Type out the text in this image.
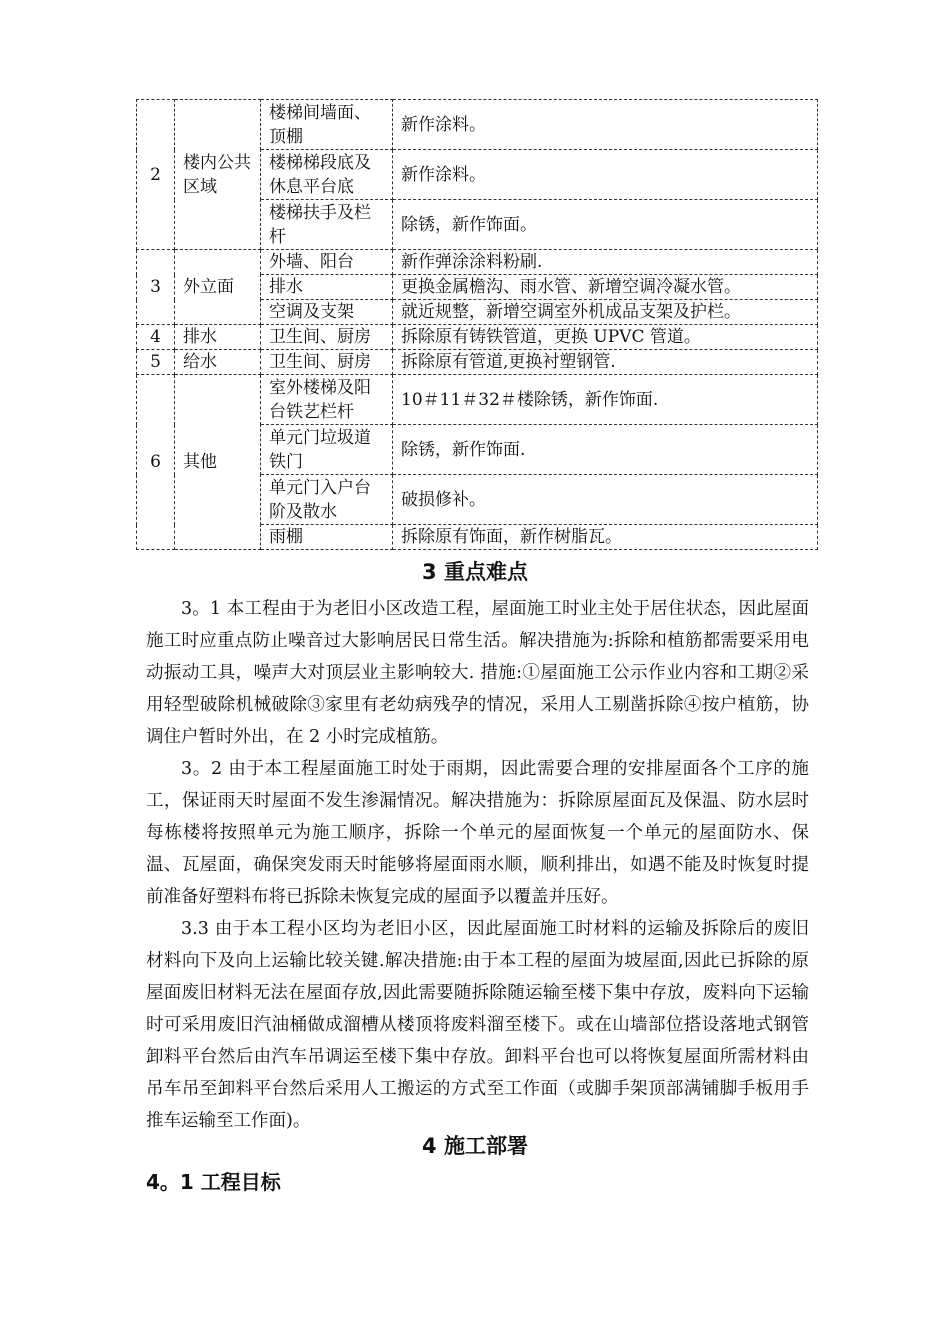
2	楼内公共区域	楼梯间墙面、顶棚	新作涂料。
		楼梯梯段底及休息平台底	新作涂料。
		楼梯扶手及栏杆	除锈，新作饰面。
3	外立面	外墙、阳台	新作弹涂涂料粉刷.
		排水	更换金属檐沟、雨水管、新增空调冷凝水管。
		空调及支架	就近规整，新增空调室外机成品支架及护栏。
4	排水	卫生间、厨房	拆除原有铸铁管道，更换 UPVC 管道。
5	给水	卫生间、厨房	拆除原有管道,更换衬塑钢管.
6	其他	室外楼梯及阳台铁艺栏杆	10＃11＃32＃楼除锈，新作饰面.
		单元门垃圾道铁门	除锈，新作饰面.
		单元门入户台阶及散水	破损修补。
		雨棚	拆除原有饰面，新作树脂瓦。
3 重点难点

3。1 本工程由于为老旧小区改造工程，屋面施工时业主处于居住状态，因此屋面施工时应重点防止噪音过大影响居民日常生活。解决措施为:拆除和植筋都需要采用电动振动工具，噪声大对顶层业主影响较大. 措施:①屋面施工公示作业内容和工期②采用轻型破除机械破除③家里有老幼病残孕的情况，采用人工剔凿拆除④按户植筋，协调住户暂时外出，在 2 小时完成植筋。

3。2 由于本工程屋面施工时处于雨期，因此需要合理的安排屋面各个工序的施工，保证雨天时屋面不发生渗漏情况。解决措施为：拆除原屋面瓦及保温、防水层时每栋楼将按照单元为施工顺序，拆除一个单元的屋面恢复一个单元的屋面防水、保温、瓦屋面，确保突发雨天时能够将屋面雨水顺，顺利排出，如遇不能及时恢复时提前准备好塑料布将已拆除未恢复完成的屋面予以覆盖并压好。

3.3 由于本工程小区均为老旧小区，因此屋面施工时材料的运输及拆除后的废旧材料向下及向上运输比较关键.解决措施:由于本工程的屋面为坡屋面,因此已拆除的原屋面废旧材料无法在屋面存放,因此需要随拆除随运输至楼下集中存放，废料向下运输时可采用废旧汽油桶做成溜槽从楼顶将废料溜至楼下。或在山墙部位搭设落地式钢管卸料平台然后由汽车吊调运至楼下集中存放。卸料平台也可以将恢复屋面所需材料由吊车吊至卸料平台然后采用人工搬运的方式至工作面（或脚手架顶部满铺脚手板用手推车运输至工作面)。

4 施工部署
4。1 工程目标
